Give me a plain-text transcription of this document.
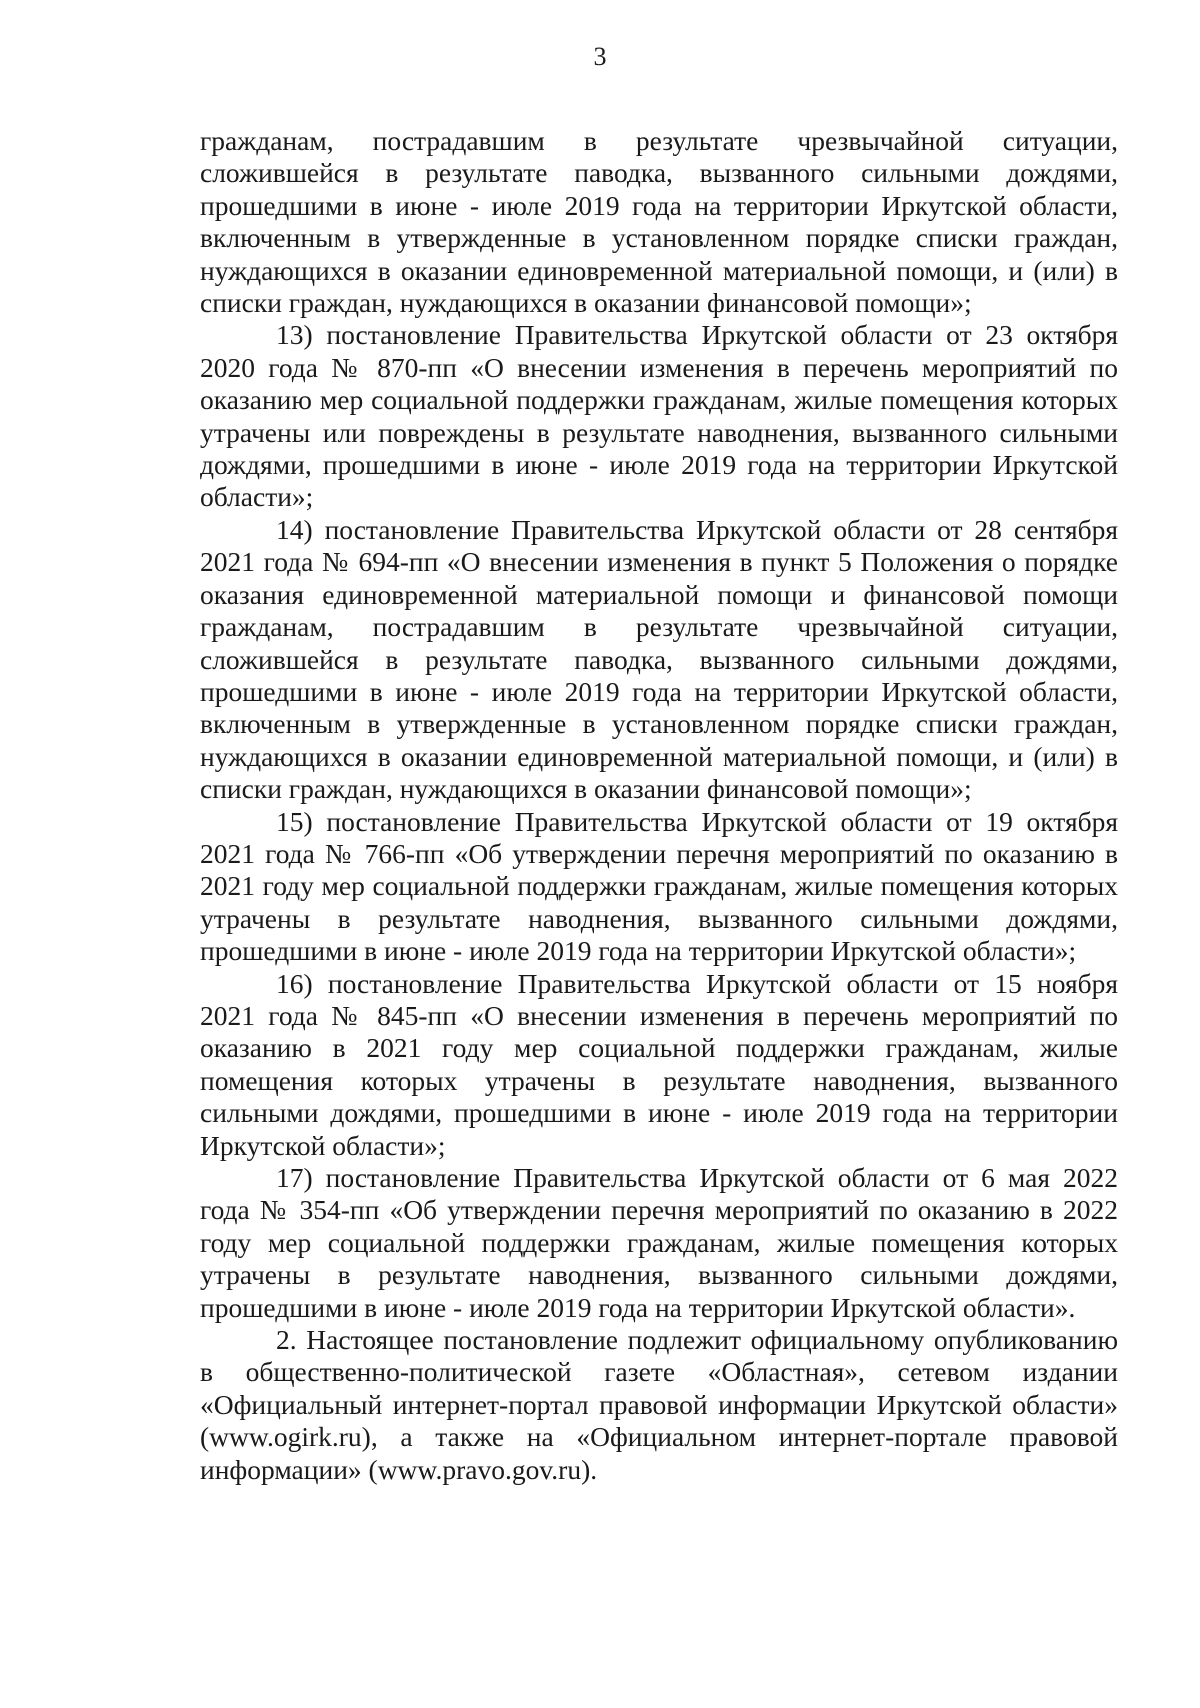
3

гражданам, пострадавшим в результате чрезвычайной ситуации, сложившейся в результате паводка, вызванного сильными дождями, прошедшими в июне - июле 2019 года на территории Иркутской области, включенным в утвержденные в установленном порядке списки граждан, нуждающихся в оказании единовременной материальной помощи, и (или) в списки граждан, нуждающихся в оказании финансовой помощи»;

13) постановление Правительства Иркутской области от 23 октября 2020 года № 870-пп «О внесении изменения в перечень мероприятий по оказанию мер социальной поддержки гражданам, жилые помещения которых утрачены или повреждены в результате наводнения, вызванного сильными дождями, прошедшими в июне - июле 2019 года на территории Иркутской области»;

14) постановление Правительства Иркутской области от 28 сентября 2021 года № 694-пп «О внесении изменения в пункт 5 Положения о порядке оказания единовременной материальной помощи и финансовой помощи гражданам, пострадавшим в результате чрезвычайной ситуации, сложившейся в результате паводка, вызванного сильными дождями, прошедшими в июне - июле 2019 года на территории Иркутской области, включенным в утвержденные в установленном порядке списки граждан, нуждающихся в оказании единовременной материальной помощи, и (или) в списки граждан, нуждающихся в оказании финансовой помощи»;

15) постановление Правительства Иркутской области от 19 октября 2021 года № 766-пп «Об утверждении перечня мероприятий по оказанию в 2021 году мер социальной поддержки гражданам, жилые помещения которых утрачены в результате наводнения, вызванного сильными дождями, прошедшими в июне - июле 2019 года на территории Иркутской области»;

16) постановление Правительства Иркутской области от 15 ноября 2021 года № 845-пп «О внесении изменения в перечень мероприятий по оказанию в 2021 году мер социальной поддержки гражданам, жилые помещения которых утрачены в результате наводнения, вызванного сильными дождями, прошедшими в июне - июле 2019 года на территории Иркутской области»;

17) постановление Правительства Иркутской области от 6 мая 2022 года № 354-пп «Об утверждении перечня мероприятий по оказанию в 2022 году мер социальной поддержки гражданам, жилые помещения которых утрачены в результате наводнения, вызванного сильными дождями, прошедшими в июне - июле 2019 года на территории Иркутской области».

2. Настоящее постановление подлежит официальному опубликованию в общественно-политической газете «Областная», сетевом издании «Официальный интернет-портал правовой информации Иркутской области» (www.ogirk.ru), а также на «Официальном интернет-портале правовой информации» (www.pravo.gov.ru).
